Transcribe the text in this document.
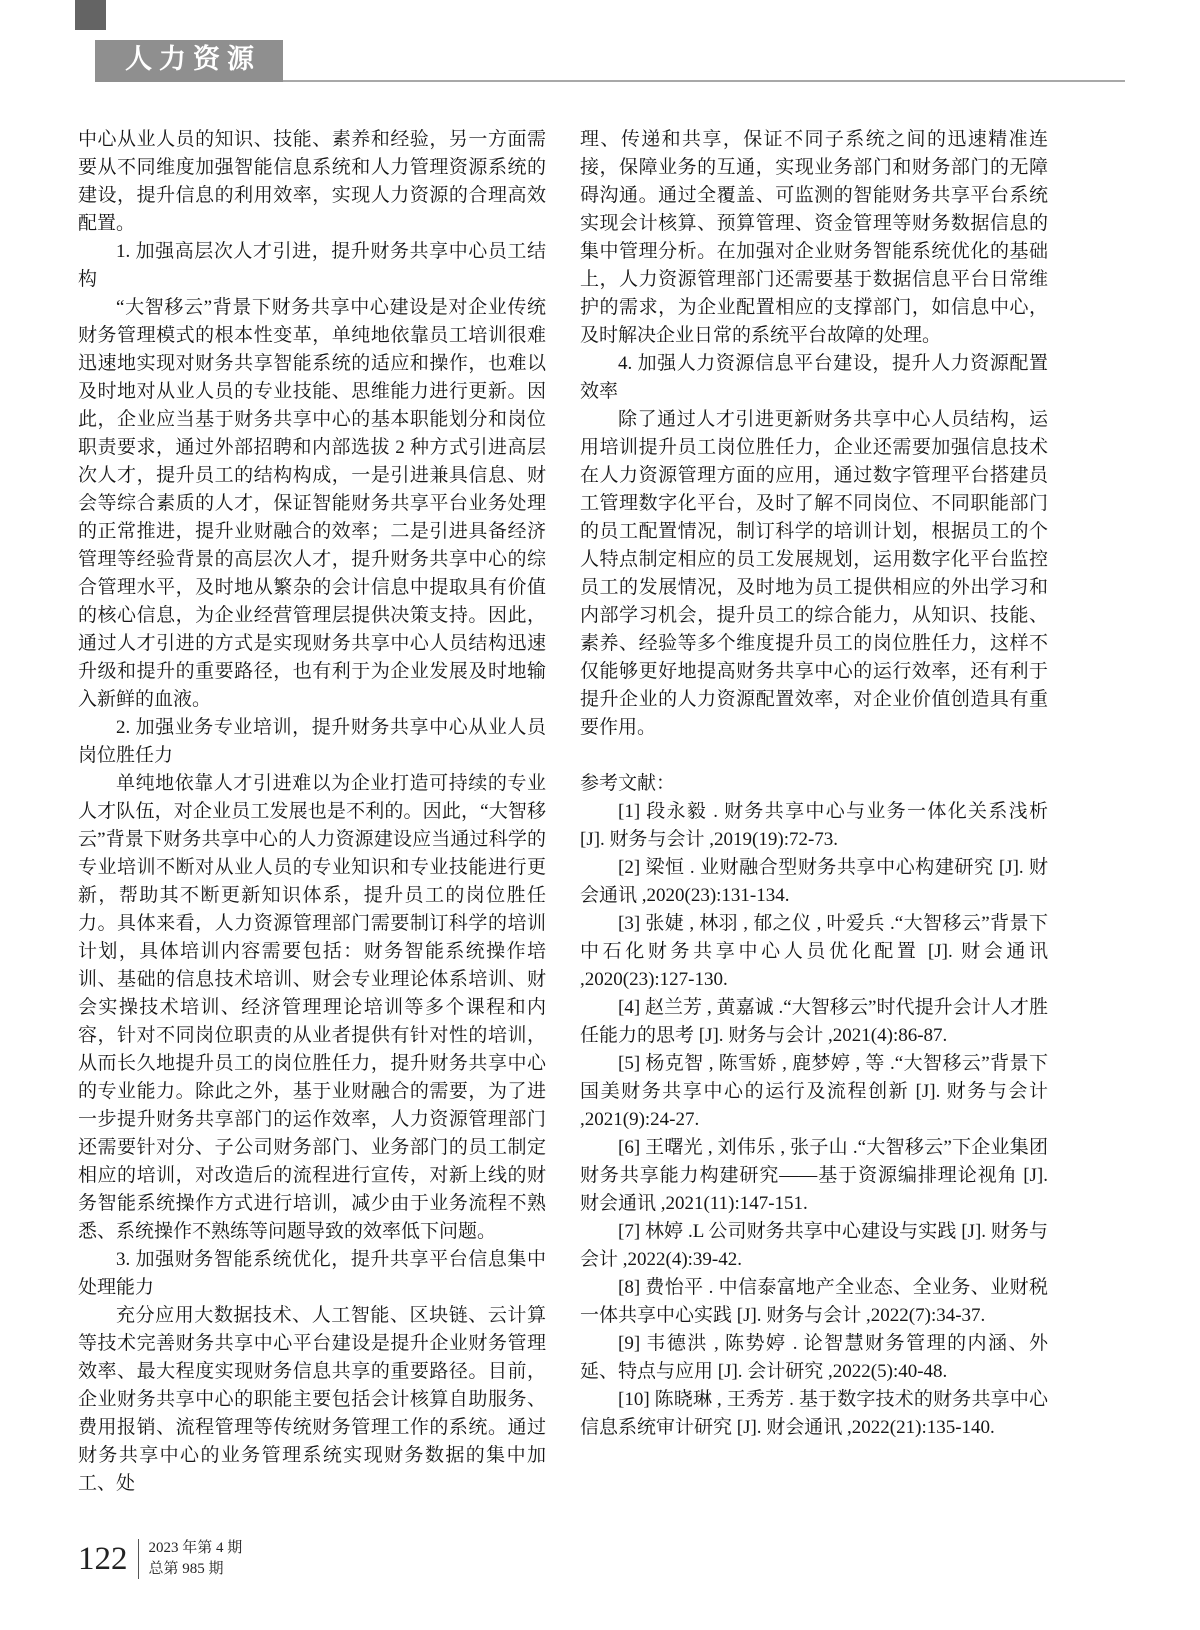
人力资源

中心从业人员的知识、技能、素养和经验，另一方面需要从不同维度加强智能信息系统和人力管理资源系统的建设，提升信息的利用效率，实现人力资源的合理高效配置。

1. 加强高层次人才引进，提升财务共享中心员工结构

“大智移云”背景下财务共享中心建设是对企业传统财务管理模式的根本性变革，单纯地依靠员工培训很难迅速地实现对财务共享智能系统的适应和操作，也难以及时地对从业人员的专业技能、思维能力进行更新。因此，企业应当基于财务共享中心的基本职能划分和岗位职责要求，通过外部招聘和内部选拔 2 种方式引进高层次人才，提升员工的结构构成，一是引进兼具信息、财会等综合素质的人才，保证智能财务共享平台业务处理的正常推进，提升业财融合的效率；二是引进具备经济管理等经验背景的高层次人才，提升财务共享中心的综合管理水平，及时地从繁杂的会计信息中提取具有价值的核心信息，为企业经营管理层提供决策支持。因此，通过人才引进的方式是实现财务共享中心人员结构迅速升级和提升的重要路径，也有利于为企业发展及时地输入新鲜的血液。

2. 加强业务专业培训，提升财务共享中心从业人员岗位胜任力

单纯地依靠人才引进难以为企业打造可持续的专业人才队伍，对企业员工发展也是不利的。因此，“大智移云”背景下财务共享中心的人力资源建设应当通过科学的专业培训不断对从业人员的专业知识和专业技能进行更新，帮助其不断更新知识体系，提升员工的岗位胜任力。具体来看，人力资源管理部门需要制订科学的培训计划，具体培训内容需要包括：财务智能系统操作培训、基础的信息技术培训、财会专业理论体系培训、财会实操技术培训、经济管理理论培训等多个课程和内容，针对不同岗位职责的从业者提供有针对性的培训，从而长久地提升员工的岗位胜任力，提升财务共享中心的专业能力。除此之外，基于业财融合的需要，为了进一步提升财务共享部门的运作效率，人力资源管理部门还需要针对分、子公司财务部门、业务部门的员工制定相应的培训，对改造后的流程进行宣传，对新上线的财务智能系统操作方式进行培训，减少由于业务流程不熟悉、系统操作不熟练等问题导致的效率低下问题。

3. 加强财务智能系统优化，提升共享平台信息集中处理能力

充分应用大数据技术、人工智能、区块链、云计算等技术完善财务共享中心平台建设是提升企业财务管理效率、最大程度实现财务信息共享的重要路径。目前，企业财务共享中心的职能主要包括会计核算自助服务、费用报销、流程管理等传统财务管理工作的系统。通过财务共享中心的业务管理系统实现财务数据的集中加工、处

理、传递和共享，保证不同子系统之间的迅速精准连接，保障业务的互通，实现业务部门和财务部门的无障碍沟通。通过全覆盖、可监测的智能财务共享平台系统实现会计核算、预算管理、资金管理等财务数据信息的集中管理分析。在加强对企业财务智能系统优化的基础上，人力资源管理部门还需要基于数据信息平台日常维护的需求，为企业配置相应的支撑部门，如信息中心，及时解决企业日常的系统平台故障的处理。

4. 加强人力资源信息平台建设，提升人力资源配置效率

除了通过人才引进更新财务共享中心人员结构，运用培训提升员工岗位胜任力，企业还需要加强信息技术在人力资源管理方面的应用，通过数字管理平台搭建员工管理数字化平台，及时了解不同岗位、不同职能部门的员工配置情况，制订科学的培训计划，根据员工的个人特点制定相应的员工发展规划，运用数字化平台监控员工的发展情况，及时地为员工提供相应的外出学习和内部学习机会，提升员工的综合能力，从知识、技能、素养、经验等多个维度提升员工的岗位胜任力，这样不仅能够更好地提高财务共享中心的运行效率，还有利于提升企业的人力资源配置效率，对企业价值创造具有重要作用。

参考文献：

[1] 段永毅 . 财务共享中心与业务一体化关系浅析 [J]. 财务与会计 ,2019(19):72-73.

[2] 梁恒 . 业财融合型财务共享中心构建研究 [J]. 财会通讯 ,2020(23):131-134.

[3] 张婕 , 林羽 , 郁之仪 , 叶爱兵 .“大智移云”背景下中石化财务共享中心人员优化配置 [J]. 财会通讯 ,2020(23):127-130.

[4] 赵兰芳 , 黄嘉诚 .“大智移云”时代提升会计人才胜任能力的思考 [J]. 财务与会计 ,2021(4):86-87.

[5] 杨克智 , 陈雪娇 , 鹿梦婷 , 等 .“大智移云”背景下国美财务共享中心的运行及流程创新 [J]. 财务与会计 ,2021(9):24-27.

[6] 王曙光 , 刘伟乐 , 张子山 .“大智移云”下企业集团财务共享能力构建研究——基于资源编排理论视角 [J]. 财会通讯 ,2021(11):147-151.

[7] 林婷 .L 公司财务共享中心建设与实践 [J]. 财务与会计 ,2022(4):39-42.

[8] 费怡平 . 中信泰富地产全业态、全业务、业财税一体共享中心实践 [J]. 财务与会计 ,2022(7):34-37.

[9] 韦德洪 , 陈势婷 . 论智慧财务管理的内涵、外延、特点与应用 [J]. 会计研究 ,2022(5):40-48.

[10] 陈晓琳 , 王秀芳 . 基于数字技术的财务共享中心信息系统审计研究 [J]. 财会通讯 ,2022(21):135-140.

122 2023 年第 4 期
总第 985 期
